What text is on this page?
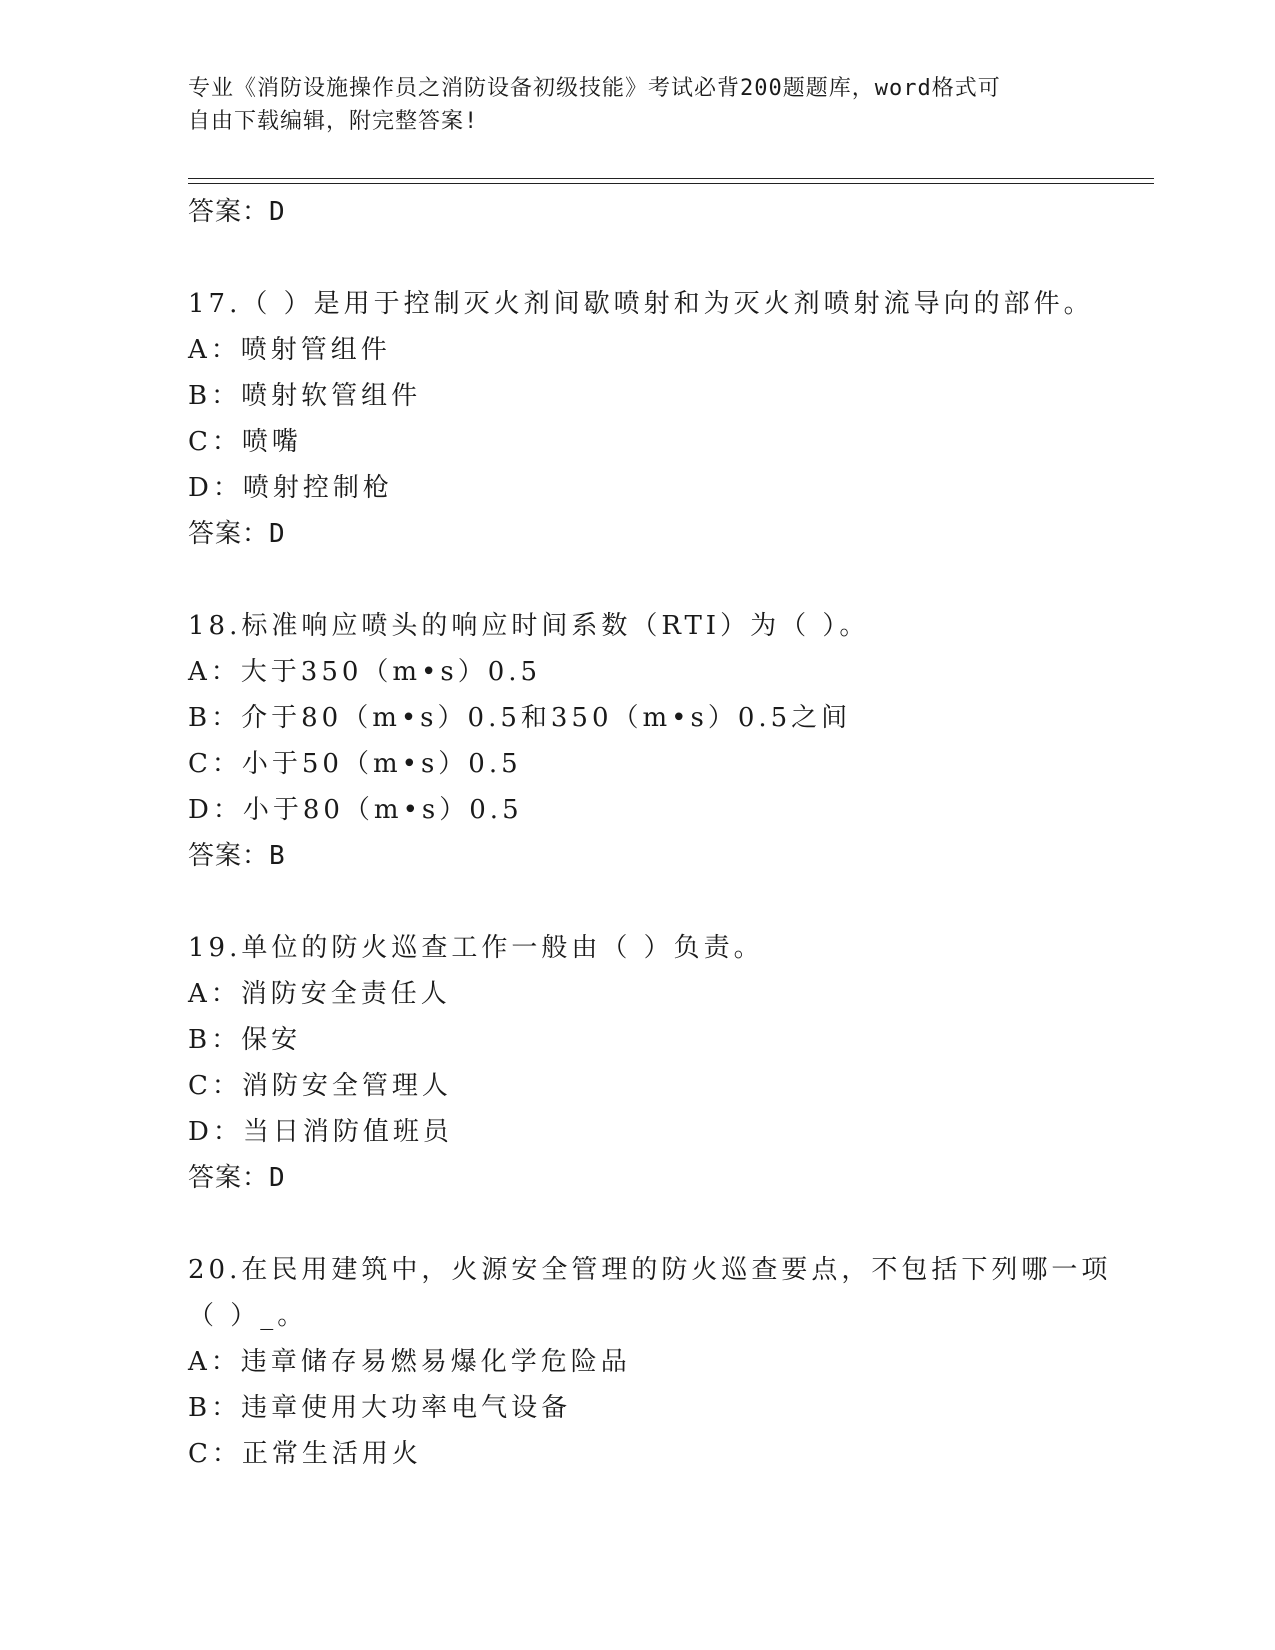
专业《消防设施操作员之消防设备初级技能》考试必背200题题库，word格式可
自由下载编辑，附完整答案!
答案：D
17.（ ）是用于控制灭火剂间歇喷射和为灭火剂喷射流导向的部件。
A：喷射管组件
B：喷射软管组件
C：喷嘴
D：喷射控制枪
答案：D
18.标准响应喷头的响应时间系数（RTI）为（ ）。
A：大于350（m•s）0.5
B：介于80（m•s）0.5和350（m•s）0.5之间
C：小于50（m•s）0.5
D：小于80（m•s）0.5
答案：B
19.单位的防火巡查工作一般由（ ）负责。
A：消防安全责任人
B：保安
C：消防安全管理人
D：当日消防值班员
答案：D
20.在民用建筑中，火源安全管理的防火巡查要点，不包括下列哪一项
（ ）_。
A：违章储存易燃易爆化学危险品
B：违章使用大功率电气设备
C：正常生活用火
